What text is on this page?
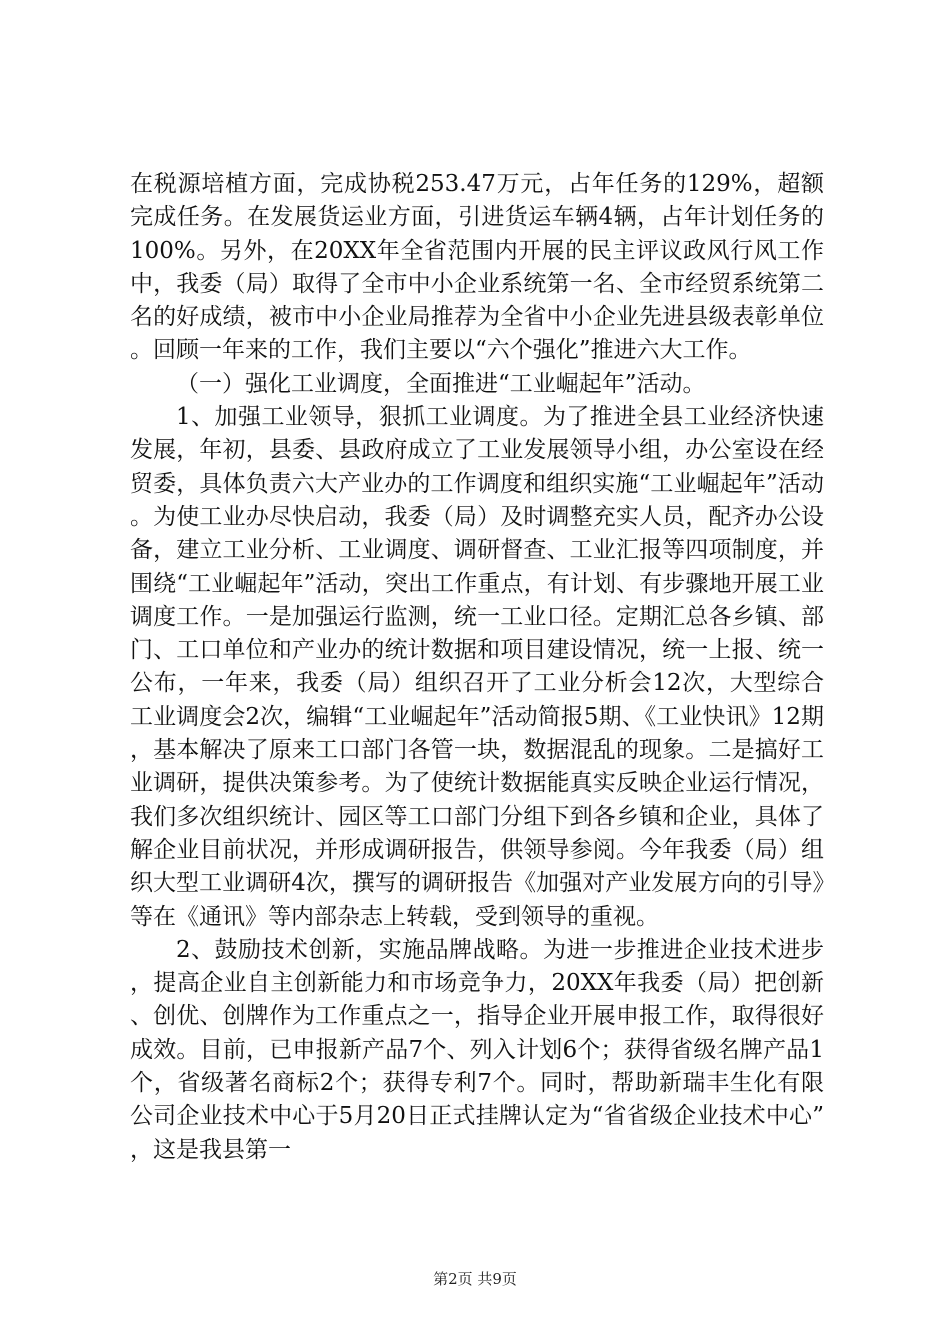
在税源培植方面，完成协税253.47万元，占年任务的129%，超额完成任务。在发展货运业方面，引进货运车辆4辆，占年计划任务的100%。另外，在20XX年全省范围内开展的民主评议政风行风工作中，我委（局）取得了全市中小企业系统第一名、全市经贸系统第二名的好成绩，被市中小企业局推荐为全省中小企业先进县级表彰单位。回顾一年来的工作，我们主要以“六个强化”推进六大工作。

（一）强化工业调度，全面推进“工业崛起年”活动。

1、加强工业领导，狠抓工业调度。为了推进全县工业经济快速发展，年初，县委、县政府成立了工业发展领导小组，办公室设在经贸委，具体负责六大产业办的工作调度和组织实施“工业崛起年”活动。为使工业办尽快启动，我委（局）及时调整充实人员，配齐办公设备，建立工业分析、工业调度、调研督查、工业汇报等四项制度，并围绕“工业崛起年”活动，突出工作重点，有计划、有步骤地开展工业调度工作。一是加强运行监测，统一工业口径。定期汇总各乡镇、部门、工口单位和产业办的统计数据和项目建设情况，统一上报、统一公布，一年来，我委（局）组织召开了工业分析会12次，大型综合工业调度会2次，编辑“工业崛起年”活动简报5期、《工业快讯》12期，基本解决了原来工口部门各管一块，数据混乱的现象。二是搞好工业调研，提供决策参考。为了使统计数据能真实反映企业运行情况，我们多次组织统计、园区等工口部门分组下到各乡镇和企业，具体了解企业目前状况，并形成调研报告，供领导参阅。今年我委（局）组织大型工业调研4次，撰写的调研报告《加强对产业发展方向的引导》等在《通讯》等内部杂志上转载，受到领导的重视。

2、鼓励技术创新，实施品牌战略。为进一步推进企业技术进步，提高企业自主创新能力和市场竞争力，20XX年我委（局）把创新、创优、创牌作为工作重点之一，指导企业开展申报工作，取得很好成效。目前，已申报新产品7个、列入计划6个；获得省级名牌产品1个，省级著名商标2个；获得专利7个。同时，帮助新瑞丰生化有限公司企业技术中心于5月20日正式挂牌认定为“省省级企业技术中心”，这是我县第一

第2页 共9页
